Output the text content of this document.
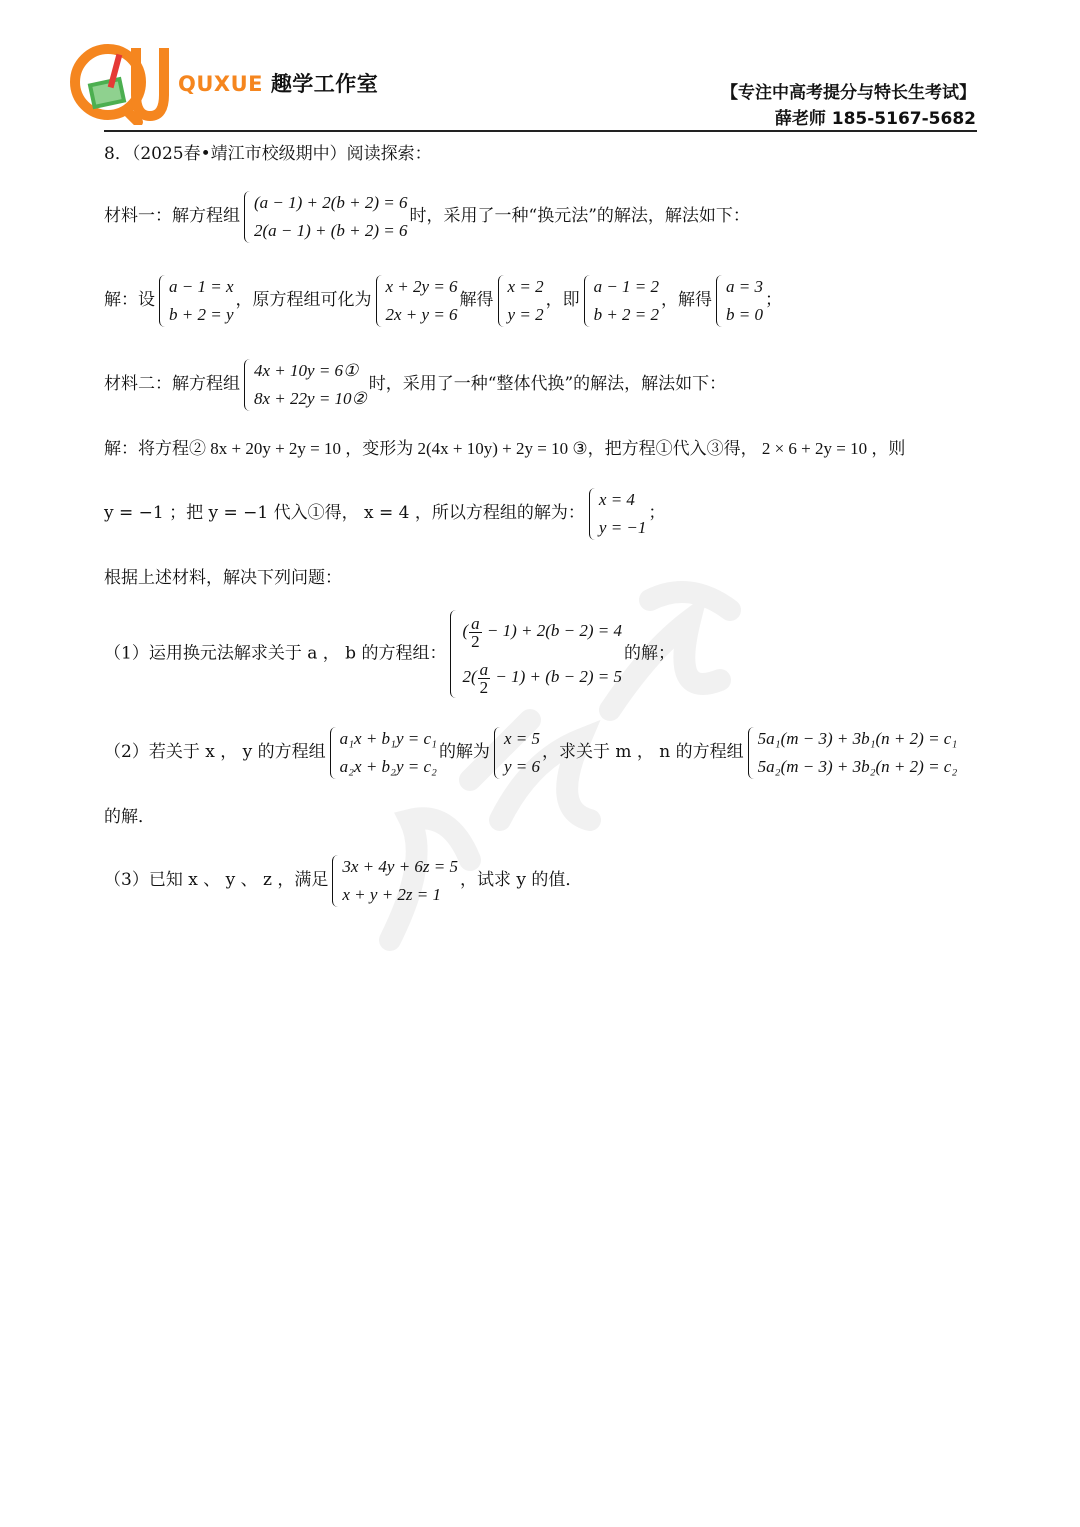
QUXUE 趣学工作室	【专注中高考提分与特长生考试】
薛老师 185-5167-5682
8．（2025春•靖江市校级期中）阅读探索：
材料一：解方程组
(a − 1) + 2(b + 2) = 6
2(a − 1) + (b + 2) = 6
时，采用了一种“换元法”的解法，解法如下：
解：设
a − 1 = x
b + 2 = y
，原方程组可化为
x + 2y = 6
2x + y = 6
解得
x = 2
y = 2
，即
a − 1 = 2
b + 2 = 2
，解得
a = 3
b = 0
；
材料二：解方程组
4x + 10y = 6①
8x + 22y = 10②
时，采用了一种“整体代换”的解法，解法如下：
解：将方程② 8x + 20y + 2y = 10 ，变形为 2(4x + 10y) + 2y = 10 ③，把方程①代入③得， 2 × 6 + 2y = 10 ，则
y = −1 ；把 y = −1 代入①得， x = 4 ，所以方程组的解为：
x = 4
y = −1
；
根据上述材料，解决下列问题：
（1）运用换元法解求关于 a ， b 的方程组：
( $\frac{a}{2} - 1) + 2(b - 2) = 4$
$2( \frac{a}{2} - 1) + (b - 2) = 5$
的解；
（2）若关于 x ， y 的方程组
a₁x + b₁y = c₁
a₂x + b₂y = c₂
的解为
x = 5
y = 6
，求关于 m ， n 的方程组
5a₁(m − 3) + 3b₁(n + 2) = c₁
5a₂(m − 3) + 3b₂(n + 2) = c₂
的解．
（3）已知 x 、 y 、 z ，满足
3x + 4y + 6z = 5
x + y + 2z = 1
，试求 y 的值．
